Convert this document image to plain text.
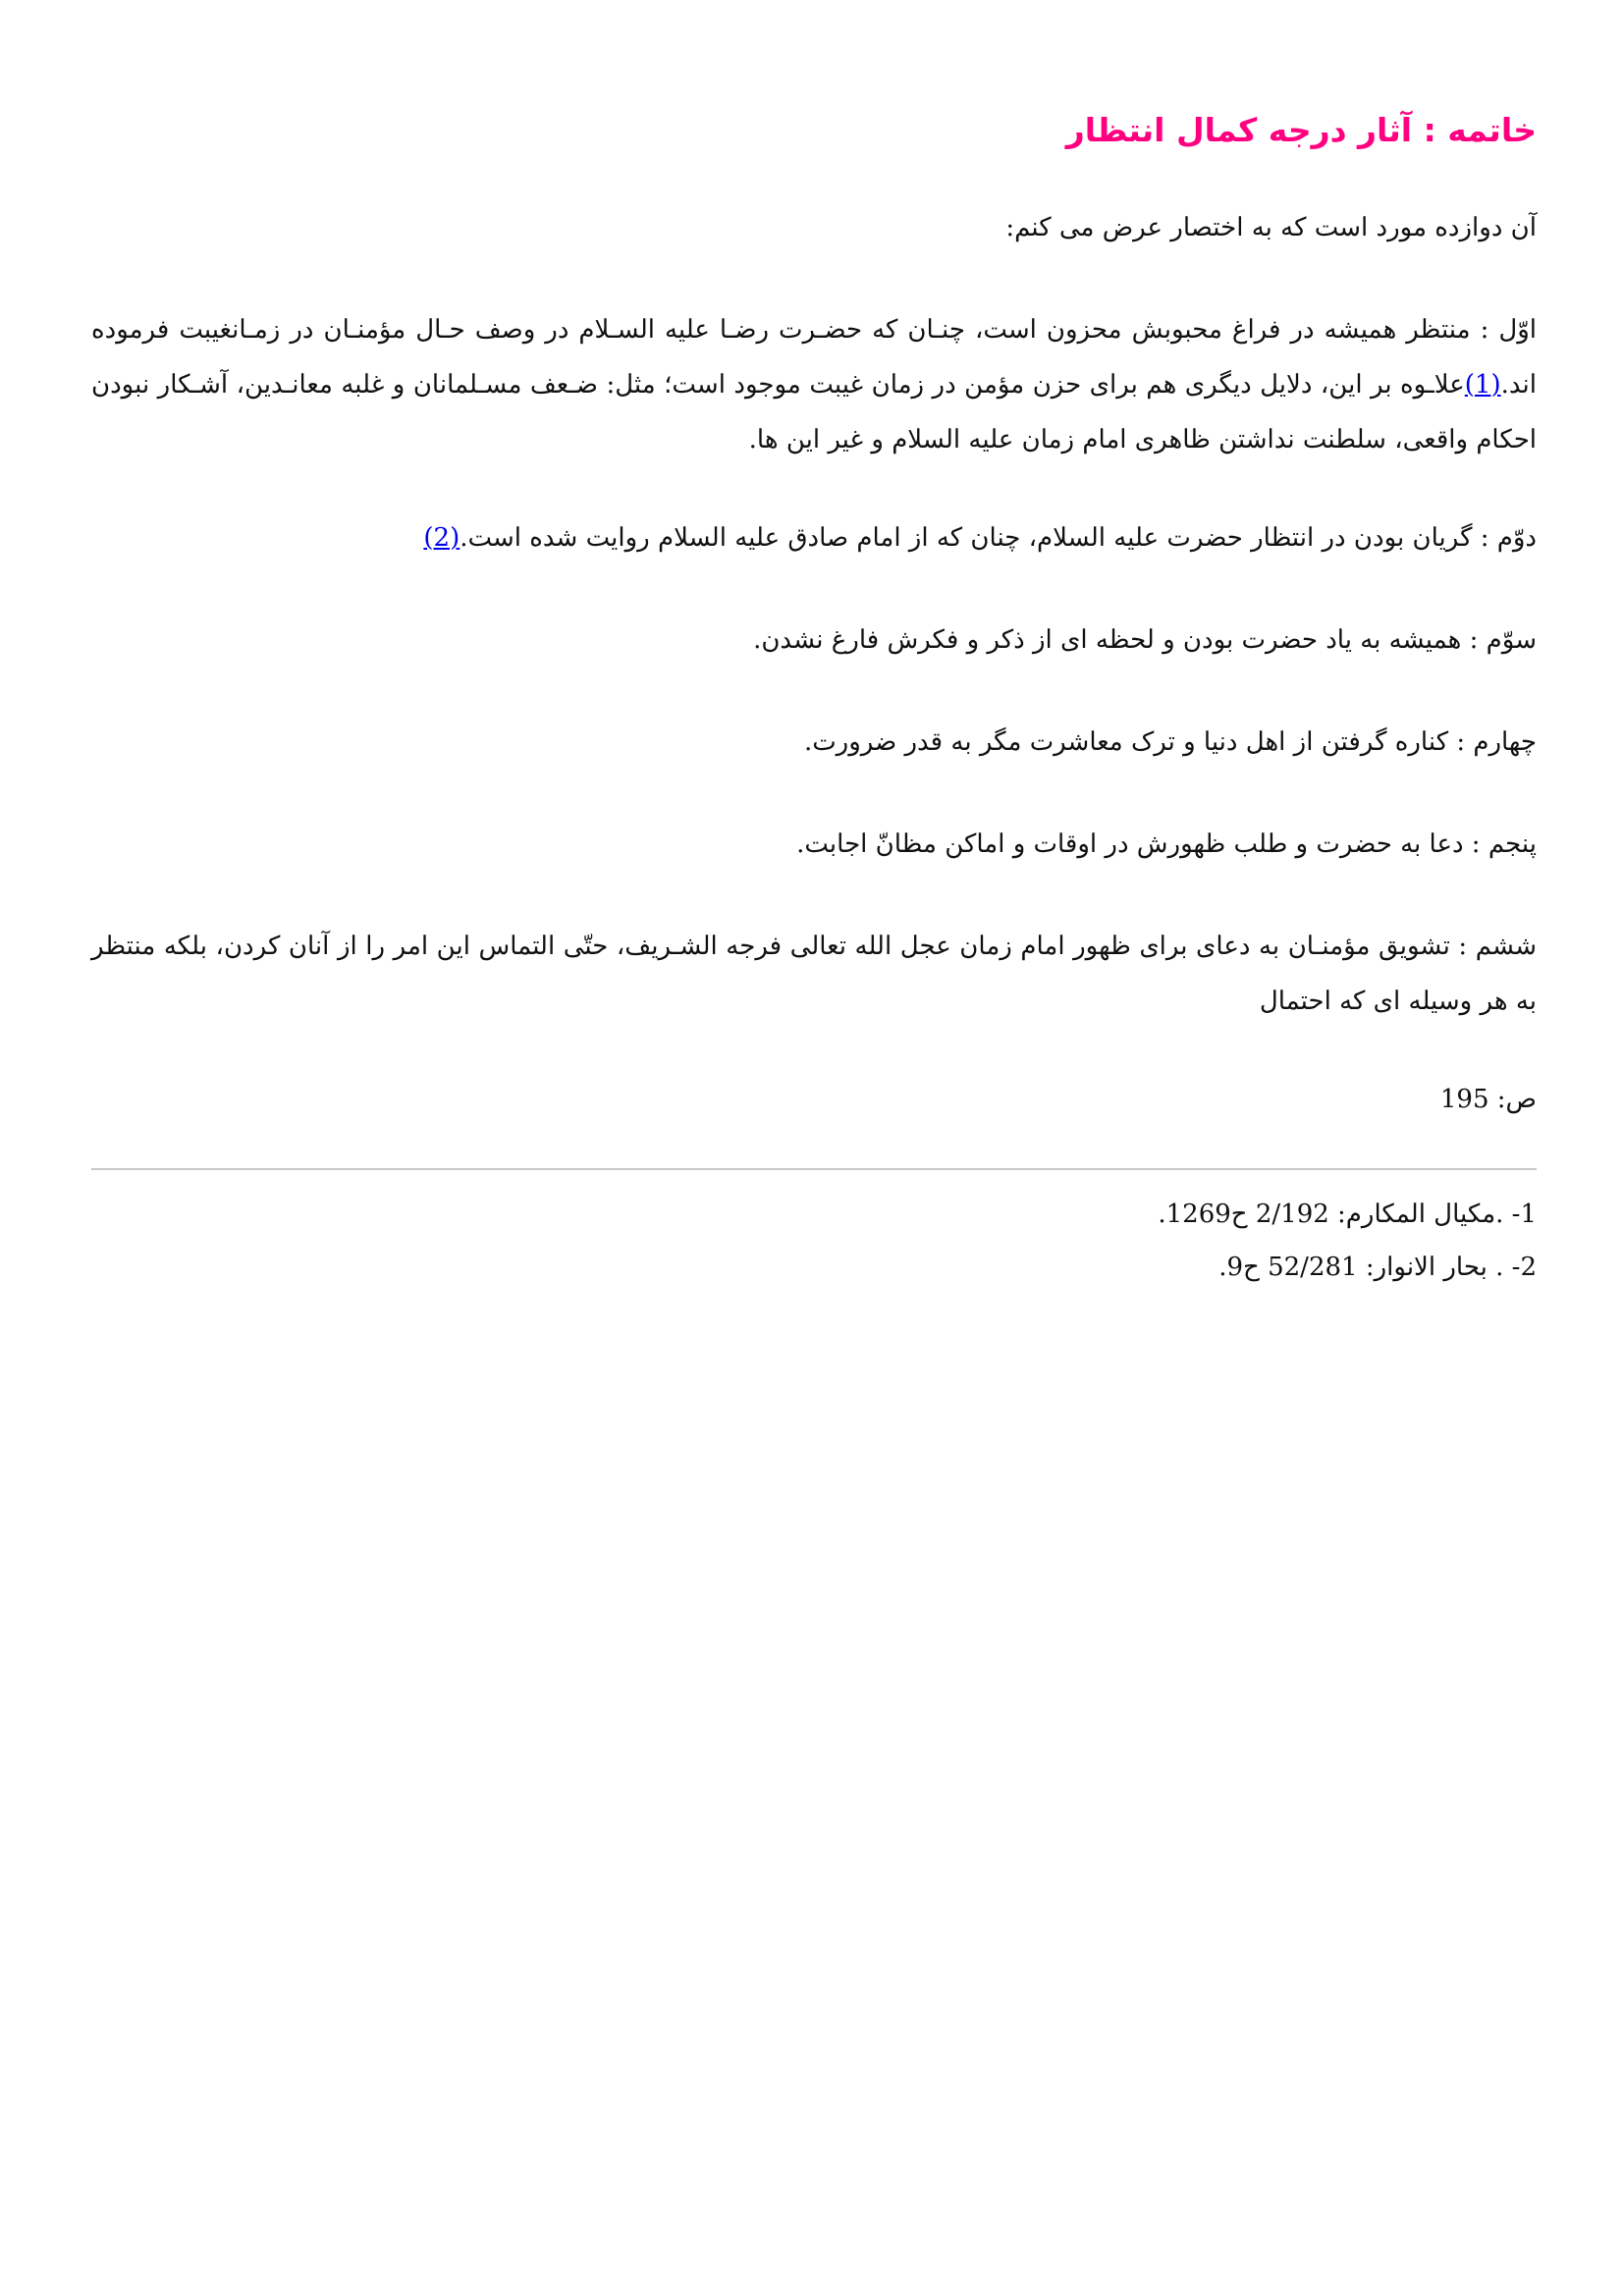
خاتمه : آثار درجه کمال انتظار

آن دوازده مورد است که به اختصار عرض می کنم:

اوّل : منتظر همیشه در فراغ محبوبش محزون است، چنـان که حضـرت رضـا علیه السـلام در وصف حـال مؤمنـان در زمـانغیبت فرموده اند.(1)علاـوه بر این، دلایل دیگری هم برای حزن مؤمن در زمان غیبت موجود است؛ مثل: ضـعف مسـلمانان و غلبه معانـدین، آشـکار نبودن احکام واقعی، سلطنت نداشتن ظاهری امام زمان علیه السلام و غیر این ها.

دوّم : گریان بودن در انتظار حضرت علیه السلام، چنان که از امام صادق علیه السلام روایت شده است.(2)

سوّم : همیشه به یاد حضرت بودن و لحظه ای از ذکر و فکرش فارغ نشدن.

چهارم : کناره گرفتن از اهل دنیا و ترک معاشرت مگر به قدر ضرورت.

پنجم : دعا به حضرت و طلب ظهورش در اوقات و اماکن مظانّ اجابت.

ششم : تشویق مؤمنـان به دعای برای ظهور امام زمان عجل الله تعالی فرجه الشـریف، حتّی التماس این امر را از آنان کردن، بلکه منتظر به هر وسیله ای که احتمال

ص: 195

1- .مکیال المکارم: 2/192 ح1269.

2- . بحار الانوار: 52/281 ح9.
